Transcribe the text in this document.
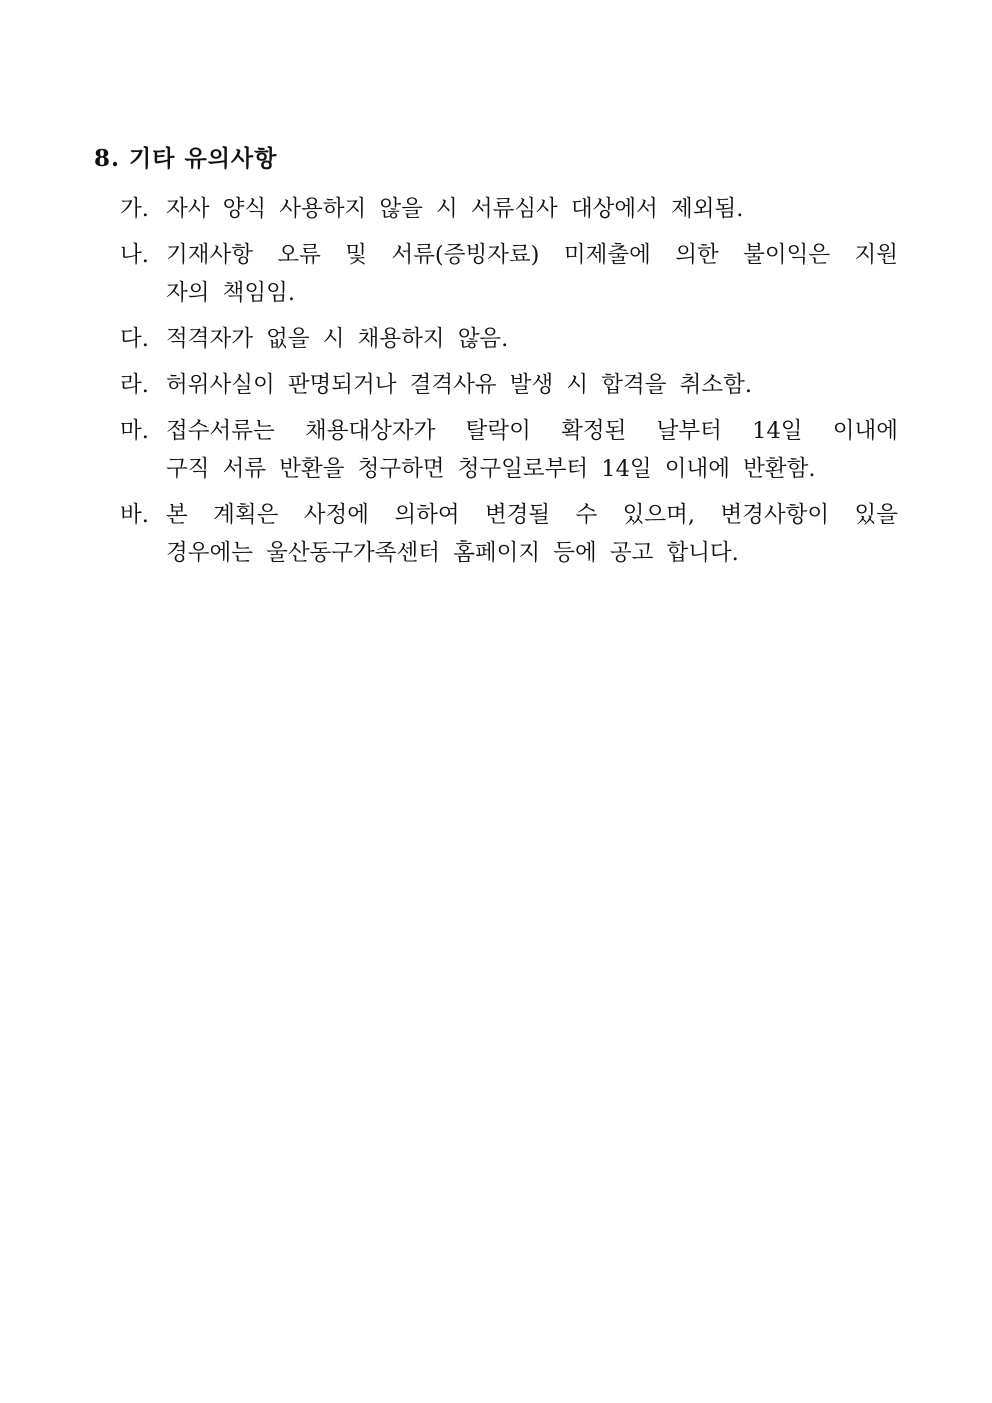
8. 기타 유의사항
가. 자사 양식 사용하지 않을 시 서류심사 대상에서 제외됨.
나. 기재사항 오류 및 서류(증빙자료) 미제출에 의한 불이익은 지원
자의 책임임.
다. 적격자가 없을 시 채용하지 않음.
라. 허위사실이 판명되거나 결격사유 발생 시 합격을 취소함.
마. 접수서류는 채용대상자가 탈락이 확정된 날부터 14일 이내에
구직 서류 반환을 청구하면 청구일로부터 14일 이내에 반환함.
바. 본 계획은 사정에 의하여 변경될 수 있으며, 변경사항이 있을
경우에는 울산동구가족센터 홈페이지 등에 공고 합니다.
